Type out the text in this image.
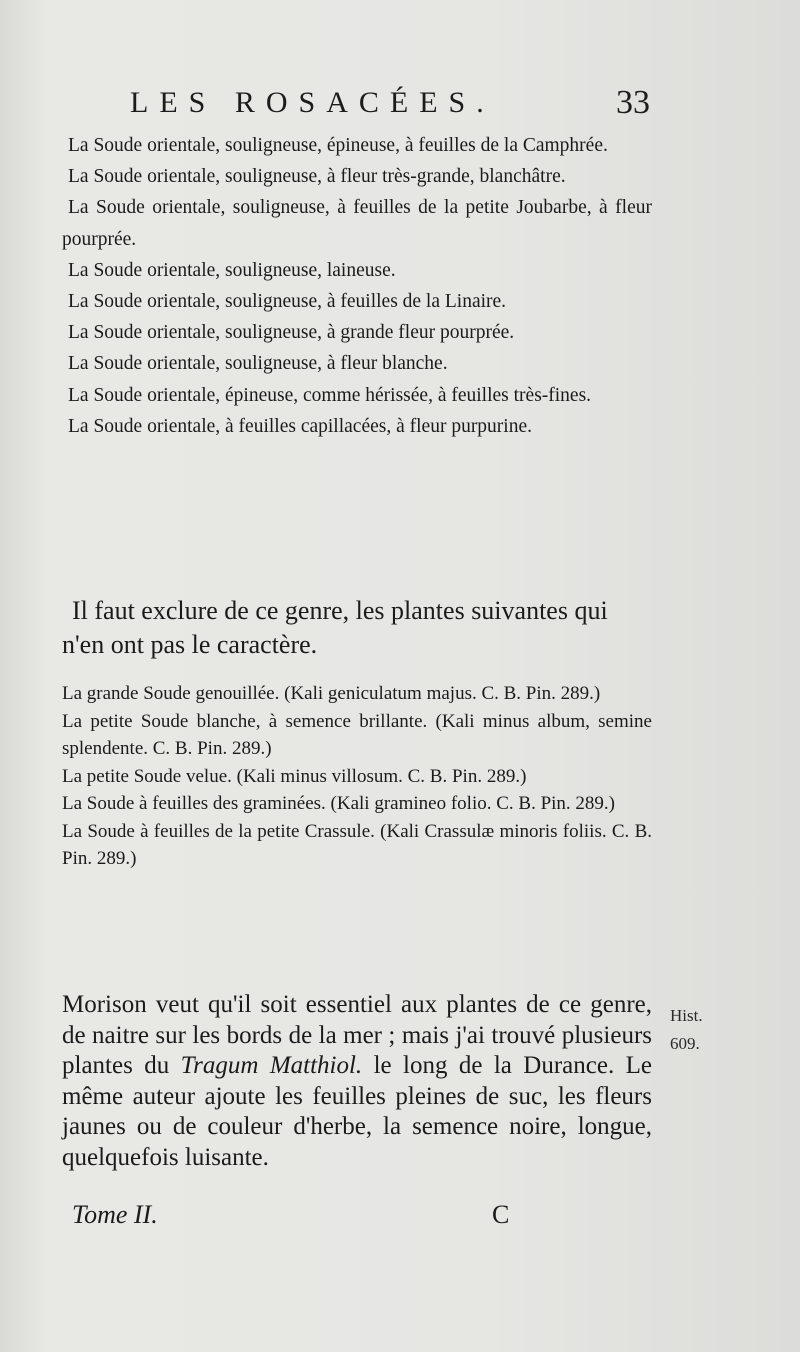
LES ROSACÉES.	33

La Soude orientale, souligneuse, épineuse, à feuilles de la Camphrée.

La Soude orientale, souligneuse, à fleur très-grande, blanchâtre.

La Soude orientale, souligneuse, à feuilles de la petite Joubarbe, à fleur pourprée.

La Soude orientale, souligneuse, laineuse.

La Soude orientale, souligneuse, à feuilles de la Linaire.

La Soude orientale, souligneuse, à grande fleur pourprée.

La Soude orientale, souligneuse, à fleur blanche.

La Soude orientale, épineuse, comme hérissée, à feuilles très-fines.

La Soude orientale, à feuilles capillacées, à fleur purpurine.

Il faut exclure de ce genre, les plantes suivantes qui n'en ont pas le caractère.

La grande Soude genouillée. (Kali geniculatum majus. C. B. Pin. 289.)

La petite Soude blanche, à semence brillante. (Kali minus album, semine splendente. C. B. Pin. 289.)

La petite Soude velue. (Kali minus villosum. C. B. Pin. 289.)

La Soude à feuilles des graminées. (Kali gramineo folio. C. B. Pin. 289.)

La Soude à feuilles de la petite Crassule. (Kali Crassulæ minoris foliis. C. B. Pin. 289.)

Morison veut qu'il soit essentiel aux plantes de ce genre, de naitre sur les bords de la mer ; mais j'ai trouvé plusieurs plantes du Tragum Matthiol. le long de la Durance. Le même auteur ajoute les feuilles pleines de suc, les fleurs jaunes ou de couleur d'herbe, la semence noire, longue, quelquefois luisante.

Hist.
609.
Tome II.	C
